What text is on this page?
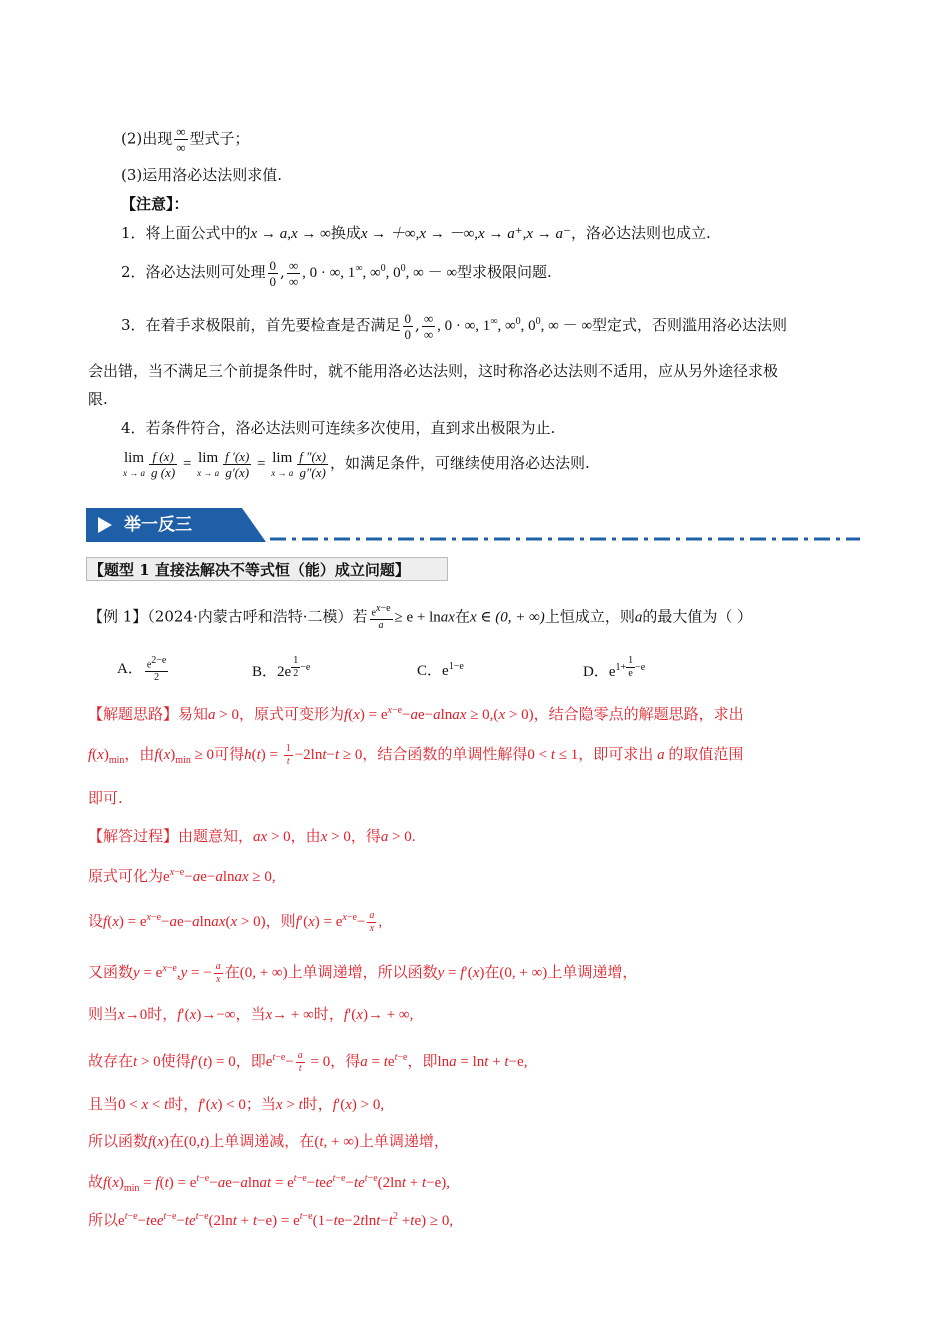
(2)出现 $\frac{\infty}{\infty}$ 型式子；
(3)运用洛必达法则求值.
【注意】：
1．将上面公式中的x → a,x → ∞换成x → ＋∞,x → －∞,x → a⁺,x → a⁻，洛必达法则也成立.
2．洛必达法则可处理 $\frac{0}{0}$ , $\frac{\infty}{\infty}$ , 0 · ∞, 1∞, ∞$^0$, $0^0$, ∞ － ∞型求极限问题.
3．在着手求极限前，首先要检查是否满足 $\frac{0}{0}$ , $\frac{\infty}{\infty}$ , 0 · ∞, 1∞, ∞$^0$, $0^0$, ∞ － ∞型定式，否则滥用洛必达法则
会出错，当不满足三个前提条件时，就不能用洛必达法则，这时称洛必达法则不适用，应从另外途径求极
限.
4．若条件符合，洛必达法则可连续多次使用，直到求出极限为止.
lim
x → a $\frac{f (x)}{g (x)} = \lim$
x → a $\frac{f '(x)}{g'(x)} = \lim$
x → a $\frac{f ''(x)}{g''(x)}$ ，如满足条件，可继续使用洛必达法则.
举一反三
【题型 1 直接法解决不等式恒（能）成立问题】
【例 1】（2024·内蒙古呼和浩特·二模）若 $\frac{e^{x-e}}{a} \ge e$ + lnax在x ∈ (0, + ∞)上恒成立，则a的最大值为（ ）
A． $\frac{e^{2-e}}{2}$	B．2e $^{\frac{1}{2} -e}$	C．$e^{1-e}$	D．$e^{1+ \frac{1}{e} -e}$
【解题思路】易知a > 0，原式可变形为$f(x) = e^{x-e}-ae-alnax \ge 0,(x > 0)$，结合隐零点的解题思路，求出
$f(x)_{min}$，由$f(x)_{min} \ge 0$可得$h(t) = \frac{1}{t} -2\ln t-t \ge 0$，结合函数的单调性解得0 < t ≤ 1，即可求出 a 的取值范围
即可.
【解答过程】由题意知，ax > 0，由x > 0，得a > 0.
原式可化为$e^{x-e}-ae-alnax \ge 0$,
设$f(x) = e^{x-e}-ae-alnax(x > 0)$，则$f'(x) = e^{x-e}- \frac{a}{x}$ ,
又函数$y = e^{x-e},y$ = − $\frac{a}{x}$ 在(0, + ∞)上单调递增，所以函数y = f′(x)在(0, + ∞)上单调递增，
则当x→0时，f′(x)→−∞，当x→ + ∞时，f′(x)→ + ∞,
故存在t > 0使得f′(t) = 0，即$e^{t-e}- \frac{a}{t} = 0$，得$a = te^{t-e}$，即lna = lnt + t−e,
且当0 < x < t时，f′(x) < 0；当x > t时，f′(x) > 0,
所以函数f(x)在(0,t)上单调递减，在(t, + ∞)上单调递增，
故$f(x)_{min} = f(t)$ = $e^{t-e}-ae-alnat = e^{t-e}-tee^{t-e}-te^{t-e}(2\ln t + t-e)$,
所以$e^{t-e}-tee^{t-e}-te^{t-e}(2\ln t + t-e) = e^{t-e}(1-te-2tlnt-t^2 +te) \ge 0$,
